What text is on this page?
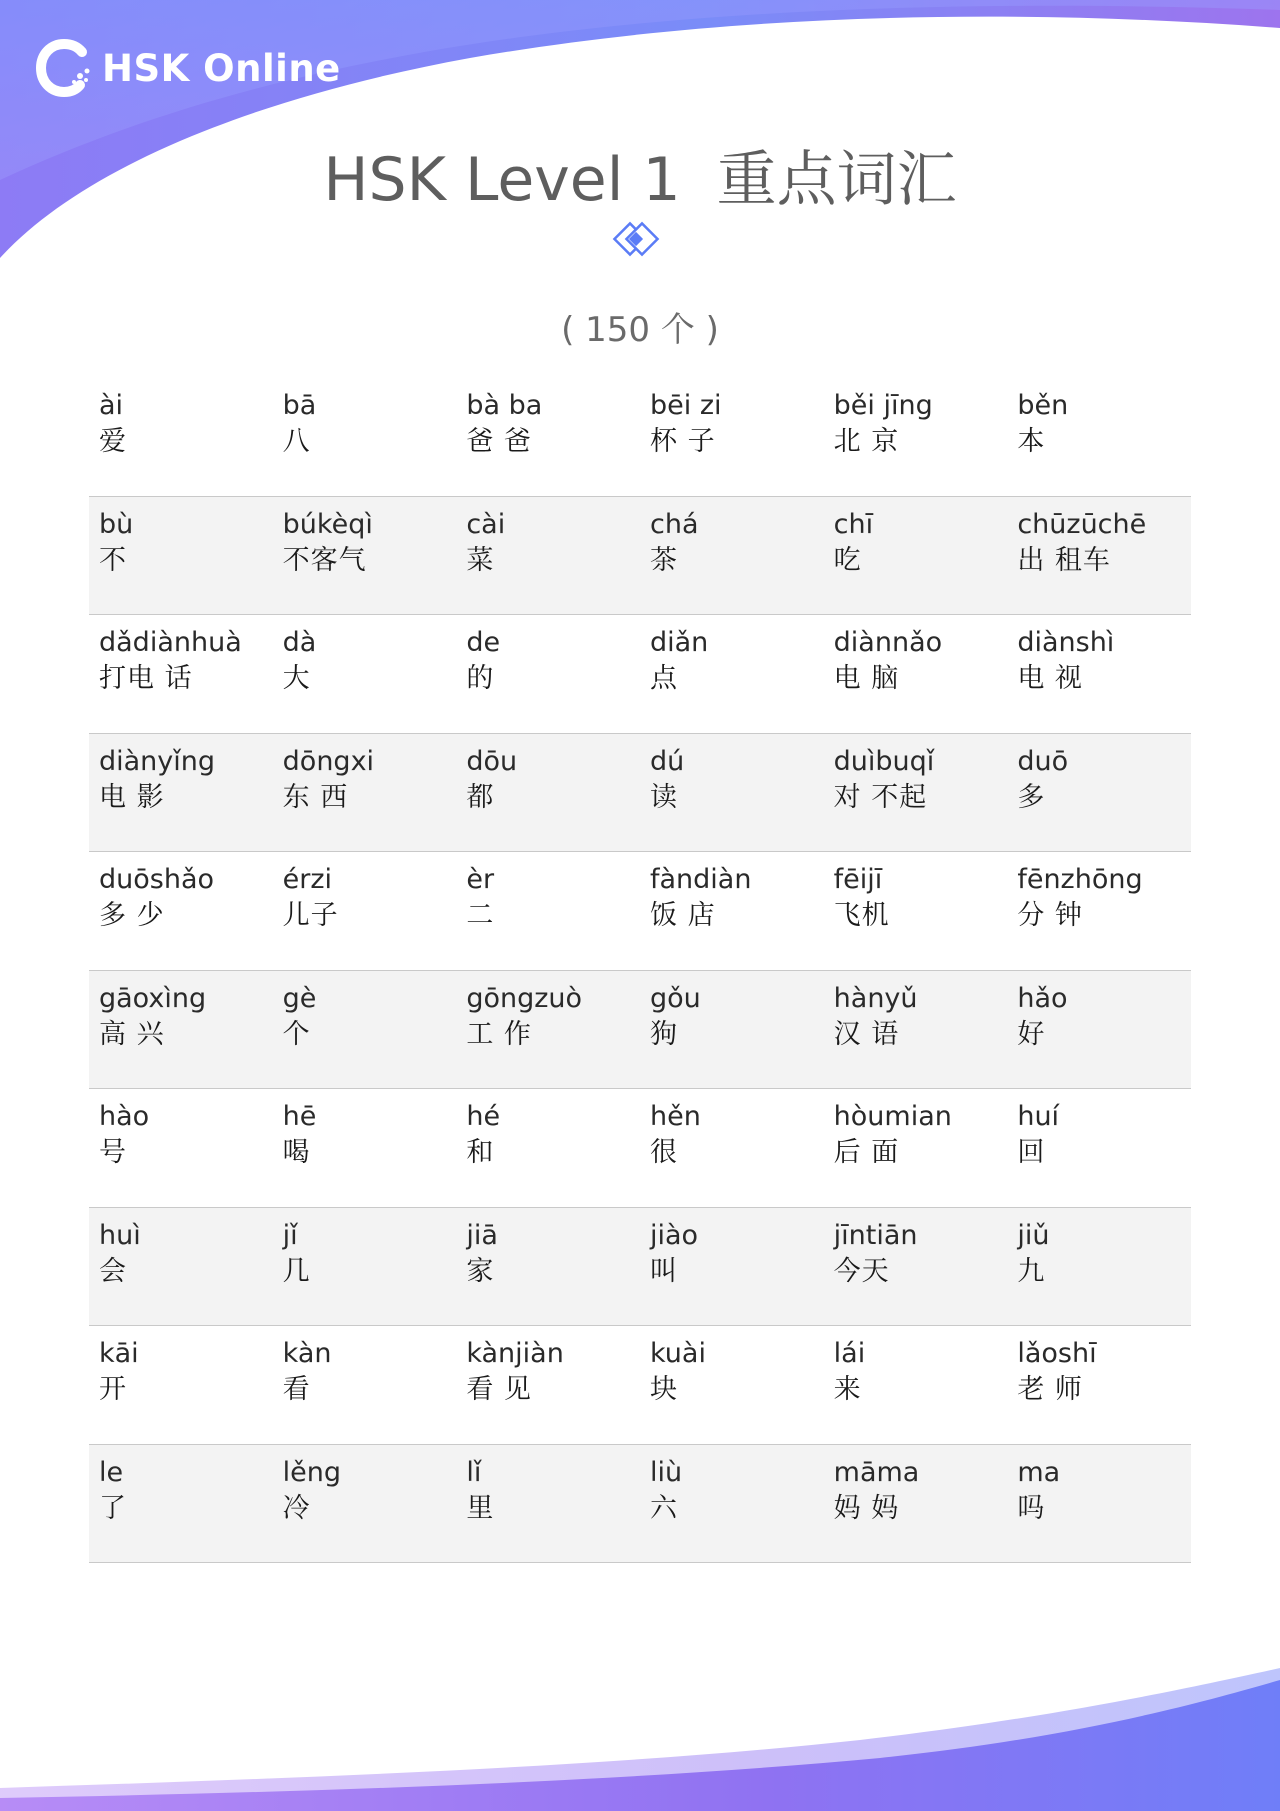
HSK Online
HSK Level 1 重点词汇
( 150 个 )
ài
爱
bā
八
bà ba
爸 爸
bēi zi
杯 子
běi jīng
北 京
běn
本
bù
不
búkèqì
不客气
cài
菜
chá
茶
chī
吃
chūzūchē
出 租车
dǎdiànhuà
打电 话
dà
大
de
的
diǎn
点
diànnǎo
电 脑
diànshì
电 视
diànyǐng
电 影
dōngxi
东 西
dōu
都
dú
读
duìbuqǐ
对 不起
duō
多
duōshǎo
多 少
érzi
儿子
èr
二
fàndiàn
饭 店
fēijī
飞机
fēnzhōng
分 钟
gāoxìng
高 兴
gè
个
gōngzuò
工 作
gǒu
狗
hànyǔ
汉 语
hǎo
好
hào
号
hē
喝
hé
和
hěn
很
hòumian
后 面
huí
回
huì
会
jǐ
几
jiā
家
jiào
叫
jīntiān
今天
jiǔ
九
kāi
开
kàn
看
kànjiàn
看 见
kuài
块
lái
来
lǎoshī
老 师
le
了
lěng
冷
lǐ
里
liù
六
māma
妈 妈
ma
吗
